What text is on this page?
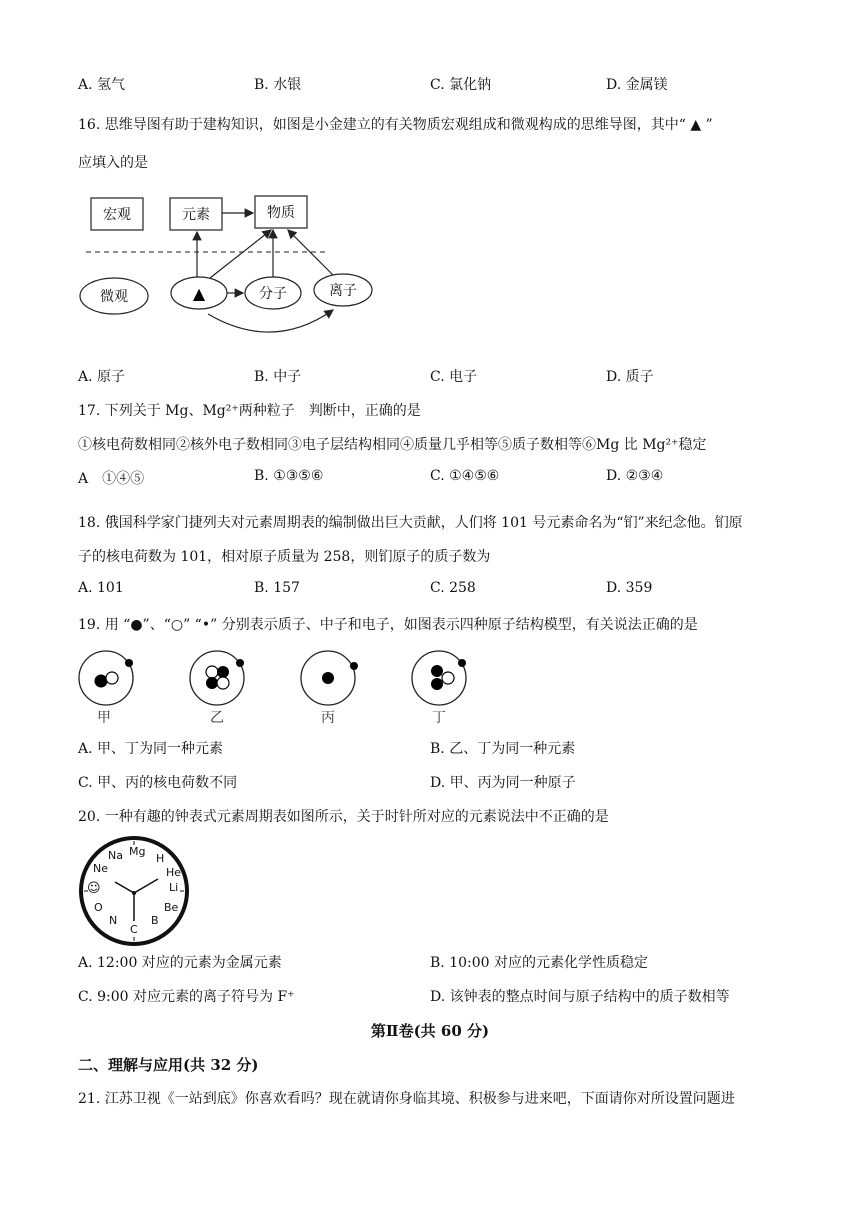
A. 氢气	B. 水银	C. 氯化钠	D. 金属镁
16. 思维导图有助于建构知识，如图是小金建立的有关物质宏观组成和微观构成的思维导图，其中“ ▲ ”
应填入的是
宏观	元素	物质
微观	▲	分子	离子
A. 原子	B. 中子	C. 电子	D. 质子
17. 下列关于 Mg、Mg²⁺两种粒子　判断中，正确的是
①核电荷数相同②核外电子数相同③电子层结构相同④质量几乎相等⑤质子数相等⑥Mg 比 Mg²⁺稳定
A　①④⑤	B. ①③⑤⑥	C. ①④⑤⑥	D. ②③④
18. 俄国科学家门捷列夫对元素周期表的编制做出巨大贡献，人们将 101 号元素命名为“钔”来纪念他。钔原
子的核电荷数为 101，相对原子质量为 258，则钔原子的质子数为
A. 101	B. 157	C. 258	D. 359
19. 用 “●”、“○” “•” 分别表示质子、中子和电子，如图表示四种原子结构模型，有关说法正确的是
甲	乙	丙	丁
A. 甲、丁为同一种元素	B. 乙、丁为同一种元素
C. 甲、丙的核电荷数不同	D. 甲、丙为同一种原子
20. 一种有趣的钟表式元素周期表如图所示，关于时针所对应的元素说法中不正确的是
H
Mg
Na
Ne
☺
He
Li
Be
B
C
N
O
A. 12:00 对应的元素为金属元素	B. 10:00 对应的元素化学性质稳定
C. 9:00 对应元素的离子符号为 F⁺	D. 该钟表的整点时间与原子结构中的质子数相等
第Ⅱ卷(共 60 分)
二、理解与应用(共 32 分)
21. 江苏卫视《一站到底》你喜欢看吗？现在就请你身临其境、积极参与进来吧，下面请你对所设置问题进
